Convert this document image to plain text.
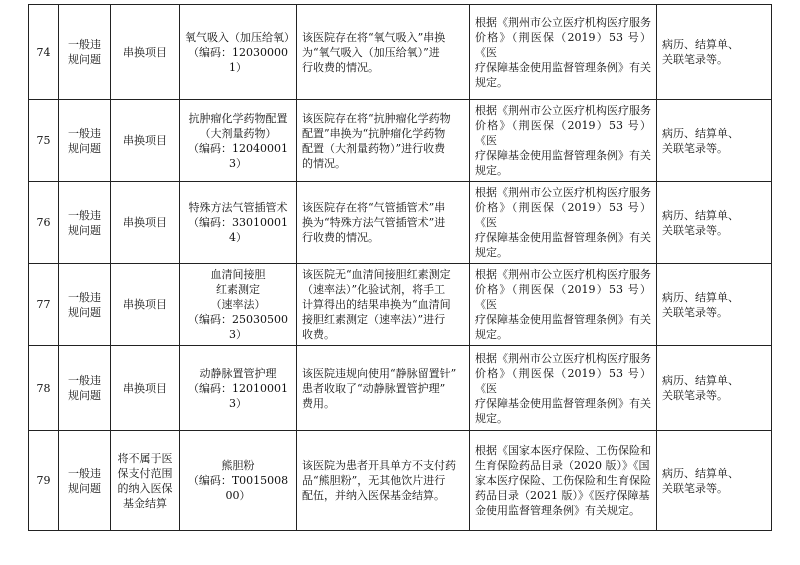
74	一般违
规问题	串换项目	氧气吸入（加压给氧）
（编码：120300001）	该医院存在将“氧气吸入”串换
为“氧气吸入（加压给氧）”进
行收费的情况。	根据《荆州市公立医疗机构医疗服务
价格》（荆医保（2019）53 号）《医
疗保障基金使用监督管理条例》有关
规定。	病历、结算单、
关联笔录等。

75	一般违
规问题	串换项目	抗肿瘤化学药物配置
（大剂量药物）
（编码：120400013）	该医院存在将“抗肿瘤化学药物
配置”串换为“抗肿瘤化学药物
配置（大剂量药物）”进行收费
的情况。	根据《荆州市公立医疗机构医疗服务
价格》（荆医保（2019）53 号）《医
疗保障基金使用监督管理条例》有关
规定。	病历、结算单、
关联笔录等。

76	一般违
规问题	串换项目	特殊方法气管插管术
（编码：330100014）	该医院存在将“气管插管术”串
换为“特殊方法气管插管术”进
行收费的情况。	根据《荆州市公立医疗机构医疗服务
价格》（荆医保（2019）53 号）《医
疗保障基金使用监督管理条例》有关
规定。	病历、结算单、
关联笔录等。

77	一般违
规问题	串换项目	血清间接胆
红素测定
（速率法）
（编码：250305003）	该医院无“血清间接胆红素测定
（速率法）”化验试剂，将手工
计算得出的结果串换为“血清间
接胆红素测定（速率法）”进行
收费。	根据《荆州市公立医疗机构医疗服务
价格》（荆医保（2019）53 号）《医
疗保障基金使用监督管理条例》有关
规定。	病历、结算单、
关联笔录等。

78	一般违
规问题	串换项目	动静脉置管护理
（编码：120100013）	该医院违规向使用“静脉留置针”
患者收取了“动静脉置管护理”
费用。	根据《荆州市公立医疗机构医疗服务
价格》（荆医保（2019）53 号）《医
疗保障基金使用监督管理条例》有关
规定。	病历、结算单、
关联笔录等。

79	一般违
规问题	将不属于医
保支付范围
的纳入医保
基金结算	熊胆粉
（编码：T001500800）	该医院为患者开具单方不支付药
品“熊胆粉”，无其他饮片进行
配伍，并纳入医保基金结算。	根据《国家本医疗保险、工伤保险和
生育保险药品目录（2020 版）》《国
家本医疗保险、工伤保险和生育保险
药品目录（2021 版）》《医疗保障基
金使用监督管理条例》有关规定。	病历、结算单、
关联笔录等。
